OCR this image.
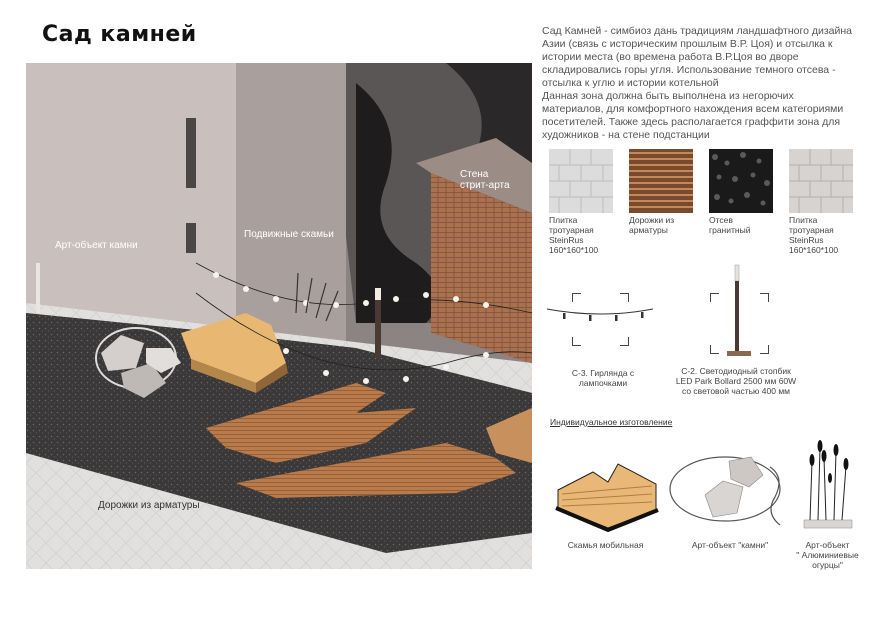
Сад камней
Стена
стрит-арта
Арт-объект камни
Подвижные скамьи
Дорожки из арматуры

Сад Камней - симбиоз дань традициям ландшафтного дизайна Азии (связь с историческим прошлым В.Р. Цоя) и отсылка к истории места (во времена работа В.Р.Цоя во дворе складировались горы угля. Использование темного отсева - отсылка к углю и истории котельной

Данная зона должна быть выполнена из негорючих материалов, для комфортного нахождения всем категориями посетителей. Также здесь располагается граффити зона для художников - на стене подстанции

Плитка
тротуарная
SteinRus
160*160*100
Дорожки из
арматуры
Отсев
гранитный
Плитка
тротуарная
SteinRus
160*160*100
С-3. Гирлянда с
лампочками
С-2. Светодиодный стопбик
LED Park Bollard 2500 мм 60W
со световой частью 400 мм
Индивидуальное изготовление
Скамья мобильная	Арт-объект "камни"	Арт-объект
" Алюминиевые
огурцы"
